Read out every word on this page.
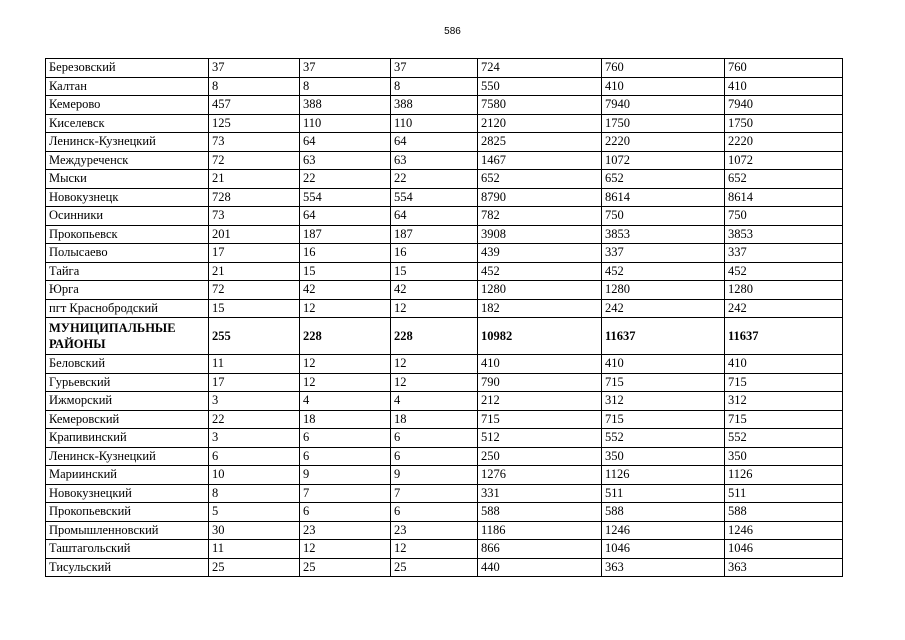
586
Березовский	37	37	37	724	760	760
Калтан	8	8	8	550	410	410
Кемерово	457	388	388	7580	7940	7940
Киселевск	125	110	110	2120	1750	1750
Ленинск-Кузнецкий	73	64	64	2825	2220	2220
Междуреченск	72	63	63	1467	1072	1072
Мыски	21	22	22	652	652	652
Новокузнецк	728	554	554	8790	8614	8614
Осинники	73	64	64	782	750	750
Прокопьевск	201	187	187	3908	3853	3853
Полысаево	17	16	16	439	337	337
Тайга	21	15	15	452	452	452
Юрга	72	42	42	1280	1280	1280
пгт Краснобродский	15	12	12	182	242	242
МУНИЦИПАЛЬНЫЕ РАЙОНЫ	255	228	228	10982	11637	11637
Беловский	11	12	12	410	410	410
Гурьевский	17	12	12	790	715	715
Ижморский	3	4	4	212	312	312
Кемеровский	22	18	18	715	715	715
Крапивинский	3	6	6	512	552	552
Ленинск-Кузнецкий	6	6	6	250	350	350
Мариинский	10	9	9	1276	1126	1126
Новокузнецкий	8	7	7	331	511	511
Прокопьевский	5	6	6	588	588	588
Промышленновский	30	23	23	1186	1246	1246
Таштагольский	11	12	12	866	1046	1046
Тисульский	25	25	25	440	363	363
